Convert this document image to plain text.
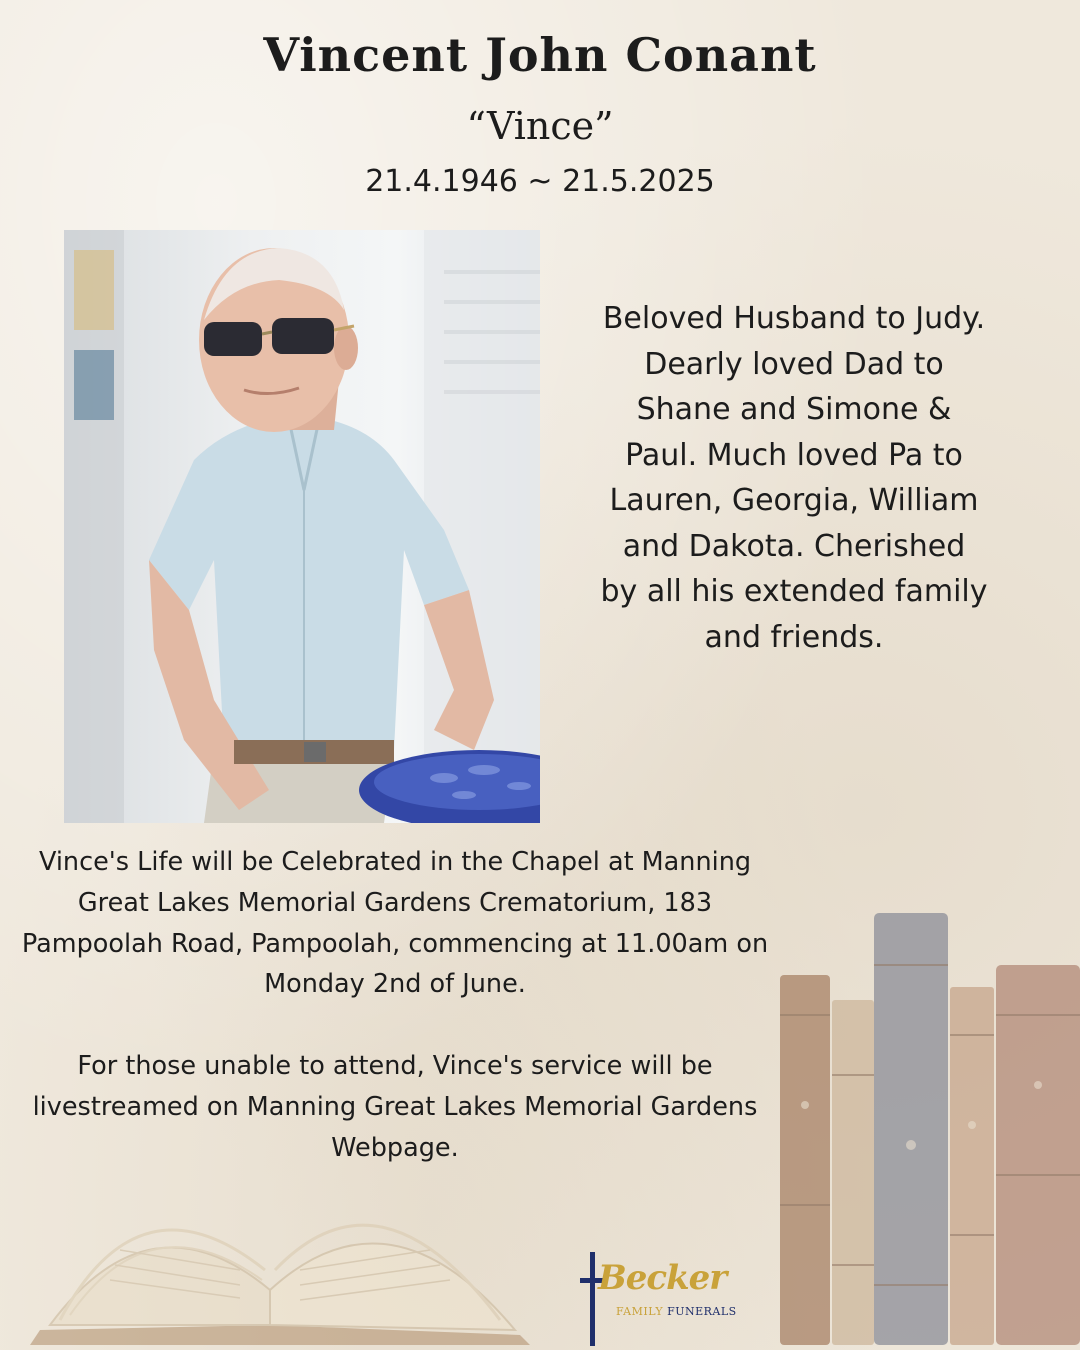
Vincent John Conant

“Vince”

21.4.1946 ~ 21.5.2025

Beloved Husband to Judy. Dearly loved Dad to Shane and Simone & Paul. Much loved Pa to Lauren, Georgia, William and Dakota. Cherished by all his extended family and friends.

Vince's Life will be Celebrated in the Chapel at Manning Great Lakes Memorial Gardens Crematorium, 183 Pampoolah Road, Pampoolah, commencing at 11.00am on Monday 2nd of June.

For those unable to attend, Vince's service will be livestreamed on Manning Great Lakes Memorial Gardens Webpage.

Becker
FAMILY FUNERALS
